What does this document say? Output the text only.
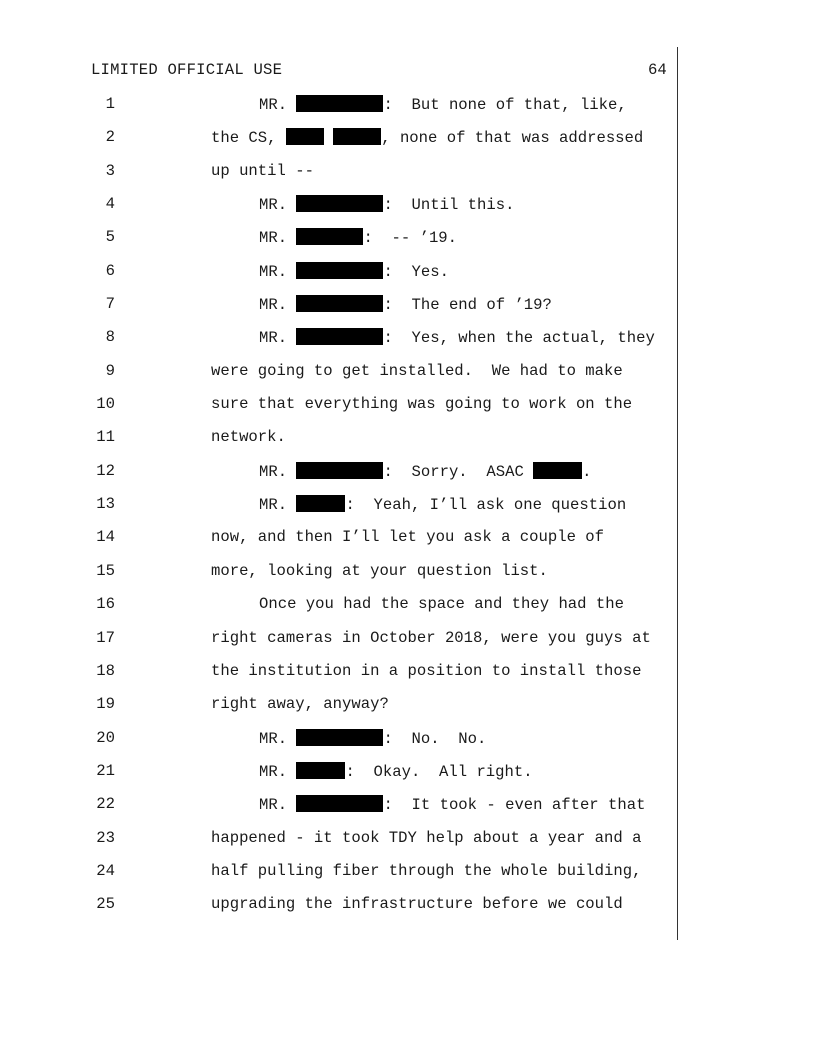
LIMITED OFFICIAL USE	64
1	MR.	:  But none of that, like,
2	the CS,	, none of that was addressed
3	up until --
4	MR.	:  Until this.
5	MR.	:  -- ’19.
6	MR.	:  Yes.
7	MR.	:  The end of ’19?
8	MR.	:  Yes, when the actual, they
9	were going to get installed.  We had to make
10	sure that everything was going to work on the
11	network.
12	MR.	:  Sorry.  ASAC	.
13	MR.	:  Yeah, I’ll ask one question
14	now, and then I’ll let you ask a couple of
15	more, looking at your question list.
16	Once you had the space and they had the
17	right cameras in October 2018, were you guys at
18	the institution in a position to install those
19	right away, anyway?
20	MR.	:  No.  No.
21	MR.	:  Okay.  All right.
22	MR.	:  It took - even after that
23	happened - it took TDY help about a year and a
24	half pulling fiber through the whole building,
25	upgrading the infrastructure before we could
